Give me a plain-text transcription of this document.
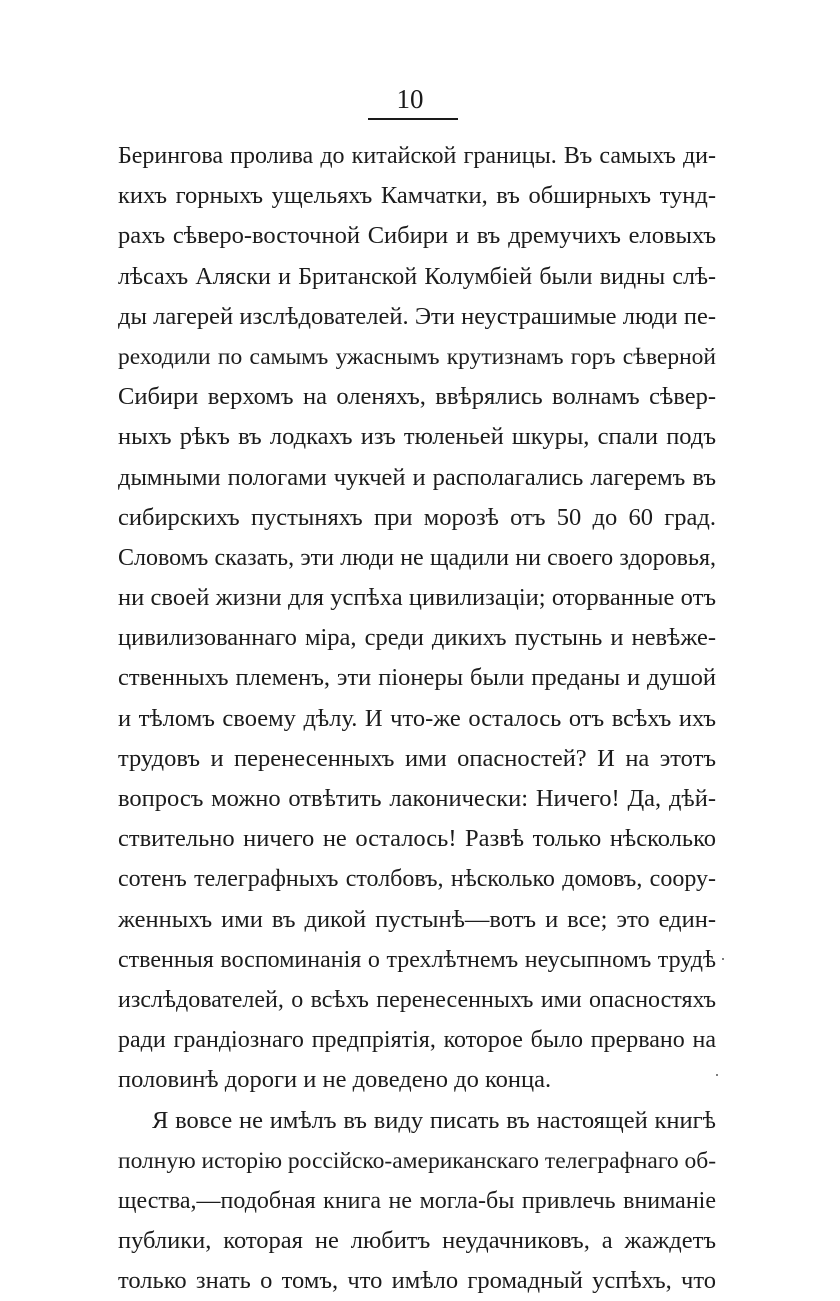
10
Берингова пролива до китайской границы. Въ самыхъ ди-
кихъ горныхъ ущельяхъ Камчатки, въ обширныхъ тунд-
рахъ сѣверо-восточной Сибири и въ дремучихъ еловыхъ
лѣсахъ Аляски и Британской Колумбіей были видны слѣ-
ды лагерей изслѣдователей. Эти неустрашимые люди пе-
реходили по самымъ ужаснымъ крутизнамъ горъ сѣверной
Сибири верхомъ на оленяхъ, ввѣрялись волнамъ сѣвер-
ныхъ рѣкъ въ лодкахъ изъ тюленьей шкуры, спали подъ
дымными пологами чукчей и располагались лагеремъ въ
сибирскихъ пустыняхъ при морозѣ отъ 50 до 60 град.
Словомъ сказать, эти люди не щадили ни своего здоровья,
ни своей жизни для успѣха цивилизаціи; оторванные отъ
цивилизованнаго міра, среди дикихъ пустынь и невѣже-
ственныхъ племенъ, эти піонеры были преданы и душой
и тѣломъ своему дѣлу. И что-же осталось отъ всѣхъ ихъ
трудовъ и перенесенныхъ ими опасностей? И на этотъ
вопросъ можно отвѣтить лаконически: Ничего! Да, дѣй-
ствительно ничего не осталось! Развѣ только нѣсколько
сотенъ телеграфныхъ столбовъ, нѣсколько домовъ, соору-
женныхъ ими въ дикой пустынѣ—вотъ и все; это един-
ственныя воспоминанія о трехлѣтнемъ неусыпномъ трудѣ
изслѣдователей, о всѣхъ перенесенныхъ ими опасностяхъ
ради грандіознаго предпріятія, которое было прервано на
половинѣ дороги и не доведено до конца.
Я вовсе не имѣлъ въ виду писать въ настоящей книгѣ
полную исторію россійско-американскаго телеграфнаго об-
щества,—подобная книга не могла-бы привлечь вниманіе
публики, которая не любитъ неудачниковъ, а жаждетъ
только знать о томъ, что имѣло громадный успѣхъ, что
